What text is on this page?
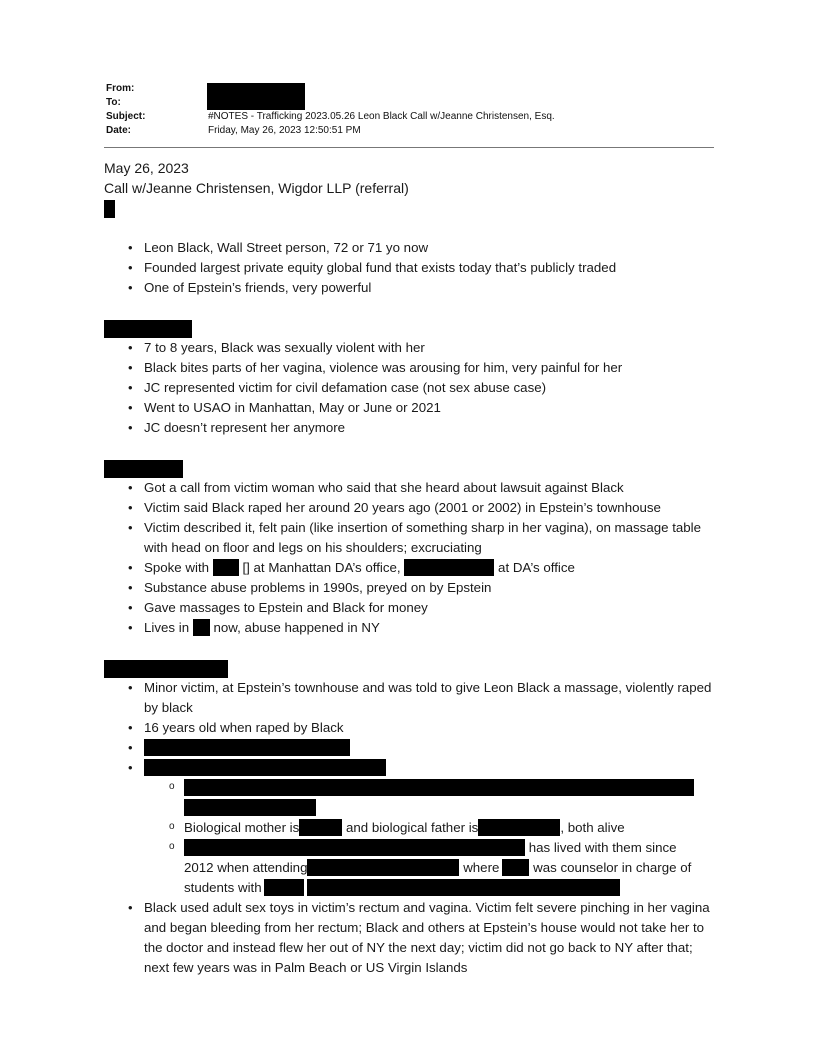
From:
To:
Subject:	#NOTES - Trafficking 2023.05.26 Leon Black Call w/Jeanne Christensen, Esq.
Date:	Friday, May 26, 2023 12:50:51 PM

May 26, 2023

Call w/Jeanne Christensen, Wigdor LLP (referral)

• Leon Black, Wall Street person, 72 or 71 yo now
• Founded largest private equity global fund that exists today that’s publicly traded
• One of Epstein’s friends, very powerful
• 7 to 8 years, Black was sexually violent with her
• Black bites parts of her vagina, violence was arousing for him, very painful for her
• JC represented victim for civil defamation case (not sex abuse case)
• Went to USAO in Manhattan, May or June or 2021
• JC doesn’t represent her anymore
• Got a call from victim woman who said that she heard about lawsuit against Black
• Victim said Black raped her around 20 years ago (2001 or 2002) in Epstein’s townhouse
• Victim described it, felt pain (like insertion of something sharp in her vagina), on massage table with head on floor and legs on his shoulders; excruciating
• Spoke with	[] at Manhattan DA’s office,	at DA’s office
• Substance abuse problems in 1990s, preyed on by Epstein
• Gave massages to Epstein and Black for money
• Lives in now, abuse happened in NY
• Minor victim, at Epstein’s townhouse and was told to give Leon Black a massage, violently raped by black
• 16 years old when raped by Black
•
o

o • Biological mother is	and biological father is	, both alive
o has lived with them since
2012 when attending	where	was counselor in charge of
students with
• Black used adult sex toys in victim’s rectum and vagina. Victim felt severe pinching in her vagina and began bleeding from her rectum; Black and others at Epstein’s house would not take her to the doctor and instead flew her out of NY the next day; victim did not go back to NY after that; next few years was in Palm Beach or US Virgin Islands
